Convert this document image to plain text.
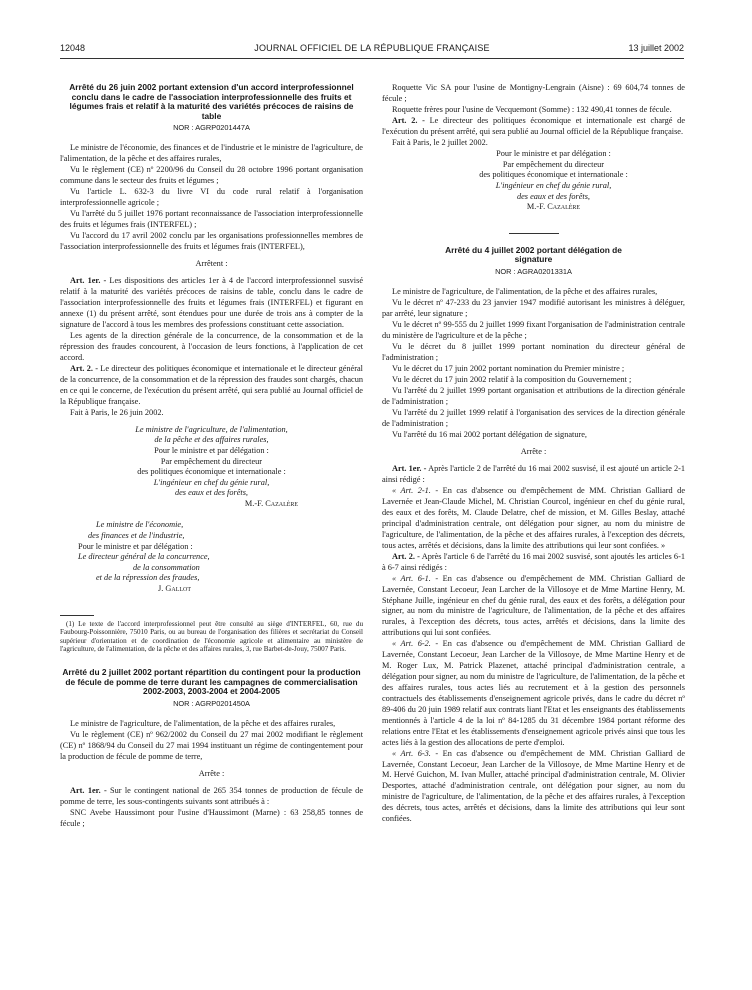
12048	JOURNAL OFFICIEL DE LA RÉPUBLIQUE FRANÇAISE	13 juillet 2002
Arrêté du 26 juin 2002 portant extension d'un accord interprofessionnel conclu dans le cadre de l'association interprofessionnelle des fruits et légumes frais et relatif à la maturité des variétés précoces de raisins de table
NOR : AGRP0201447A
Le ministre de l'économie, des finances et de l'industrie et le ministre de l'agriculture, de l'alimentation, de la pêche et des affaires rurales,
Vu le règlement (CE) nº 2200/96 du Conseil du 28 octobre 1996 portant organisation commune dans le secteur des fruits et légumes ;
Vu l'article L. 632-3 du livre VI du code rural relatif à l'organisation interprofessionnelle agricole ;
Vu l'arrêté du 5 juillet 1976 portant reconnaissance de l'association interprofessionnelle des fruits et légumes frais (INTERFEL) ;
Vu l'accord du 17 avril 2002 conclu par les organisations professionnelles membres de l'association interprofessionnelle des fruits et légumes frais (INTERFEL),
Arrêtent :
Art. 1er. - Les dispositions des articles 1er à 4 de l'accord interprofessionnel susvisé relatif à la maturité des variétés précoces de raisins de table, conclu dans le cadre de l'association interprofessionnelle des fruits et légumes frais (INTERFEL) et figurant en annexe (1) du présent arrêté, sont étendues pour une durée de trois ans à compter de la signature de l'accord à tous les membres des professions constituant cette association.
Les agents de la direction générale de la concurrence, de la consommation et de la répression des fraudes concourent, à l'occasion de leurs fonctions, à l'application de cet accord.
Art. 2. - Le directeur des politiques économique et internationale et le directeur général de la concurrence, de la consommation et de la répression des fraudes sont chargés, chacun en ce qui le concerne, de l'exécution du présent arrêté, qui sera publié au Journal officiel de la République française.
Fait à Paris, le 26 juin 2002.
Le ministre de l'agriculture, de l'alimentation,
de la pêche et des affaires rurales,
Pour le ministre et par délégation :
Par empêchement du directeur
des politiques économique et internationale :
L'ingénieur en chef du génie rural,
des eaux et des forêts,
M.-F. Cazalère
Le ministre de l'économie,
des finances et de l'industrie,
Pour le ministre et par délégation :
Le directeur général de la concurrence,
de la consommation
et de la répression des fraudes,
J. Gallot
(1) Le texte de l'accord interprofessionnel peut être consulté au siège d'INTERFEL, 60, rue du Faubourg-Poissonnière, 75010 Paris, ou au bureau de l'organisation des filières et secrétariat du Conseil supérieur d'orientation et de coordination de l'économie agricole et alimentaire au ministère de l'agriculture, de l'alimentation, de la pêche et des affaires rurales, 3, rue Barbet-de-Jouy, 75007 Paris.
Arrêté du 2 juillet 2002 portant répartition du contingent pour la production de fécule de pomme de terre durant les campagnes de commercialisation 2002-2003, 2003-2004 et 2004-2005
NOR : AGRP0201450A
Le ministre de l'agriculture, de l'alimentation, de la pêche et des affaires rurales,
Vu le règlement (CE) nº 962/2002 du Conseil du 27 mai 2002 modifiant le règlement (CE) nº 1868/94 du Conseil du 27 mai 1994 instituant un régime de contingentement pour la production de fécule de pomme de terre,
Arrête :
Art. 1er. - Sur le contingent national de 265 354 tonnes de production de fécule de pomme de terre, les sous-contingents suivants sont attribués à :
SNC Avebe Haussimont pour l'usine d'Haussimont (Marne) : 63 258,85 tonnes de fécule ;
Roquette Vic SA pour l'usine de Montigny-Lengrain (Aisne) : 69 604,74 tonnes de fécule ;
Roquette frères pour l'usine de Vecquemont (Somme) : 132 490,41 tonnes de fécule.
Art. 2. - Le directeur des politiques économique et internationale est chargé de l'exécution du présent arrêté, qui sera publié au Journal officiel de la République française.
Fait à Paris, le 2 juillet 2002.
Pour le ministre et par délégation :
Par empêchement du directeur
des politiques économique et internationale :
L'ingénieur en chef du génie rural,
des eaux et des forêts,
M.-F. Cazalère
Arrêté du 4 juillet 2002 portant délégation de signature
NOR : AGRA0201331A
Le ministre de l'agriculture, de l'alimentation, de la pêche et des affaires rurales,
Vu le décret nº 47-233 du 23 janvier 1947 modifié autorisant les ministres à déléguer, par arrêté, leur signature ;
Vu le décret nº 99-555 du 2 juillet 1999 fixant l'organisation de l'administration centrale du ministère de l'agriculture et de la pêche ;
Vu le décret du 8 juillet 1999 portant nomination du directeur général de l'administration ;
Vu le décret du 17 juin 2002 portant nomination du Premier ministre ;
Vu le décret du 17 juin 2002 relatif à la composition du Gouvernement ;
Vu l'arrêté du 2 juillet 1999 portant organisation et attributions de la direction générale de l'administration ;
Vu l'arrêté du 2 juillet 1999 relatif à l'organisation des services de la direction générale de l'administration ;
Vu l'arrêté du 16 mai 2002 portant délégation de signature,
Arrête :
Art. 1er. - Après l'article 2 de l'arrêté du 16 mai 2002 susvisé, il est ajouté un article 2-1 ainsi rédigé :
« Art. 2-1. - En cas d'absence ou d'empêchement de MM. Christian Galliard de Lavernée et Jean-Claude Michel, M. Christian Courcol, ingénieur en chef du génie rural, des eaux et des forêts, M. Claude Delatre, chef de mission, et M. Gilles Beslay, attaché principal d'administration centrale, ont délégation pour signer, au nom du ministre de l'agriculture, de l'alimentation, de la pêche et des affaires rurales, à l'exception des décrets, tous actes, arrêtés et décisions, dans la limite des attributions qui leur sont confiées. »
Art. 2. - Après l'article 6 de l'arrêté du 16 mai 2002 susvisé, sont ajoutés les articles 6-1 à 6-7 ainsi rédigés :
« Art. 6-1. - En cas d'absence ou d'empêchement de MM. Christian Galliard de Lavernée, Constant Lecoeur, Jean Larcher de la Villosoye et de Mme Martine Henry, M. Stéphane Juille, ingénieur en chef du génie rural, des eaux et des forêts, a délégation pour signer, au nom du ministre de l'agriculture, de l'alimentation, de la pêche et des affaires rurales, à l'exception des décrets, tous actes, arrêtés et décisions, dans la limite des attributions qui lui sont confiées.
« Art. 6-2. - En cas d'absence ou d'empêchement de MM. Christian Galliard de Lavernée, Constant Lecoeur, Jean Larcher de la Villosoye, de Mme Martine Henry et de M. Roger Lux, M. Patrick Plazenet, attaché principal d'administration centrale, a délégation pour signer, au nom du ministre de l'agriculture, de l'alimentation, de la pêche et des affaires rurales, tous actes liés au recrutement et à la gestion des personnels contractuels des établissements d'enseignement agricole privés, dans le cadre du décret nº 89-406 du 20 juin 1989 relatif aux contrats liant l'Etat et les enseignants des établissements mentionnés à l'article 4 de la loi nº 84-1285 du 31 décembre 1984 portant réforme des relations entre l'Etat et les établissements d'enseignement agricole privés ainsi que tous les actes liés à la gestion des allocations de perte d'emploi.
« Art. 6-3. - En cas d'absence ou d'empêchement de MM. Christian Galliard de Lavernée, Constant Lecoeur, Jean Larcher de la Villosoye, de Mme Martine Henry et de M. Hervé Guichon, M. Ivan Muller, attaché principal d'administration centrale, M. Olivier Desportes, attaché d'administration centrale, ont délégation pour signer, au nom du ministre de l'agriculture, de l'alimentation, de la pêche et des affaires rurales, à l'exception des décrets, tous actes, arrêtés et décisions, dans la limite des attributions qui leur sont confiées.
